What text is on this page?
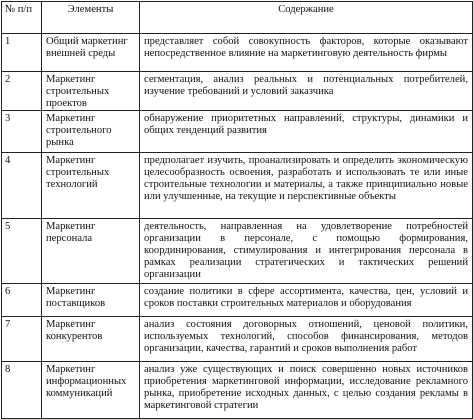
№ п/п	Элементы	Содержание
1	Общий маркетинг внешней среды	представляет собой совокупность факторов, которые оказывают непосредственное влияние на маркетинговую деятельность фирмы
2	Маркетинг строительных проектов	сегментация, анализ реальных и потенциальных потребителей, изучение требований и условий заказчика
3	Маркетинг строительного рынка	обнаружение приоритетных направлений, структуры, динамики и общих тенденций развития
4	Маркетинг строительных технологий	предполагает изучить, проанализировать и определить экономическую целесообразность освоения, разработать и использовать те или иные строительные технологии и материалы, а также принципиально новые или улучшенные, на текущие и перспективные объекты
5	Маркетинг персонала	деятельность, направленная на удовлетворение потребностей организации в персонале, с помощью формирования, координирования, стимулирования и интегрирования персонала в рамках реализации стратегических и тактических решений организации
6	Маркетинг поставщиков	создание политики в сфере ассортимента, качества, цен, условий и сроков поставки строительных материалов и оборудования
7	Маркетинг конкурентов	анализ состояния договорных отношений, ценовой политики, используемых технологий, способов финансирования, методов организации, качества, гарантий и сроков выполнения работ
8	Маркетинг информационных коммуникаций	анализ уже существующих и поиск совершенно новых источников приобретения маркетинговой информации, исследование рекламного рынка, приобретение исходных данных, с целью создания рекламы в маркетинговой стратегии
